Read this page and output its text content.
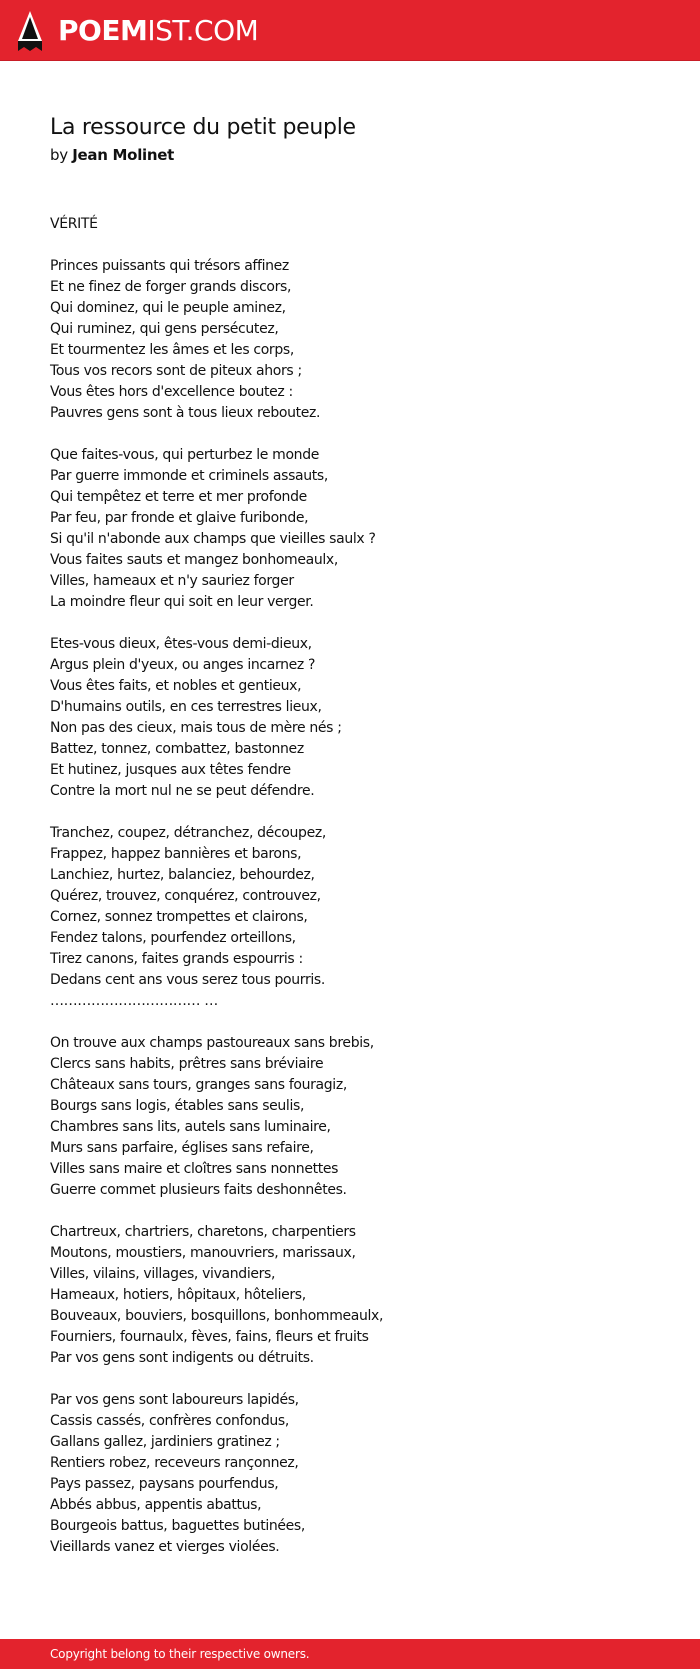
POEMIST.COM
La ressource du petit peuple

by Jean Molinet

VÉRITÉ
Princes puissants qui trésors affinez
Et ne finez de forger grands discors,
Qui dominez, qui le peuple aminez,
Qui ruminez, qui gens persécutez,
Et tourmentez les âmes et les corps,
Tous vos recors sont de piteux ahors ;
Vous êtes hors d'excellence boutez :
Pauvres gens sont à tous lieux reboutez.
Que faites-vous, qui perturbez le monde
Par guerre immonde et criminels assauts,
Qui tempêtez et terre et mer profonde
Par feu, par fronde et glaive furibonde,
Si qu'il n'abonde aux champs que vieilles saulx ?
Vous faites sauts et mangez bonhomeaulx,
Villes, hameaux et n'y sauriez forger
La moindre fleur qui soit en leur verger.
Etes-vous dieux, êtes-vous demi-dieux,
Argus plein d'yeux, ou anges incarnez ?
Vous êtes faits, et nobles et gentieux,
D'humains outils, en ces terrestres lieux,
Non pas des cieux, mais tous de mère nés ;
Battez, tonnez, combattez, bastonnez
Et hutinez, jusques aux têtes fendre
Contre la mort nul ne se peut défendre.
Tranchez, coupez, détranchez, découpez,
Frappez, happez bannières et barons,
Lanchiez, hurtez, balanciez, behourdez,
Quérez, trouvez, conquérez, controuvez,
Cornez, sonnez trompettes et clairons,
Fendez talons, pourfendez orteillons,
Tirez canons, faites grands espourris :
Dedans cent ans vous serez tous pourris.
…………………………… …
On trouve aux champs pastoureaux sans brebis,
Clercs sans habits, prêtres sans bréviaire
Châteaux sans tours, granges sans fouragiz,
Bourgs sans logis, étables sans seulis,
Chambres sans lits, autels sans luminaire,
Murs sans parfaire, églises sans refaire,
Villes sans maire et cloîtres sans nonnettes
Guerre commet plusieurs faits deshonnêtes.
Chartreux, chartriers, charetons, charpentiers
Moutons, moustiers, manouvriers, marissaux,
Villes, vilains, villages, vivandiers,
Hameaux, hotiers, hôpitaux, hôteliers,
Bouveaux, bouviers, bosquillons, bonhommeaulx,
Fourniers, fournaulx, fèves, fains, fleurs et fruits
Par vos gens sont indigents ou détruits.
Par vos gens sont laboureurs lapidés,
Cassis cassés, confrères confondus,
Gallans gallez, jardiniers gratinez ;
Rentiers robez, receveurs rançonnez,
Pays passez, paysans pourfendus,
Abbés abbus, appentis abattus,
Bourgeois battus, baguettes butinées,
Vieillards vanez et vierges violées.
Copyright belong to their respective owners.
